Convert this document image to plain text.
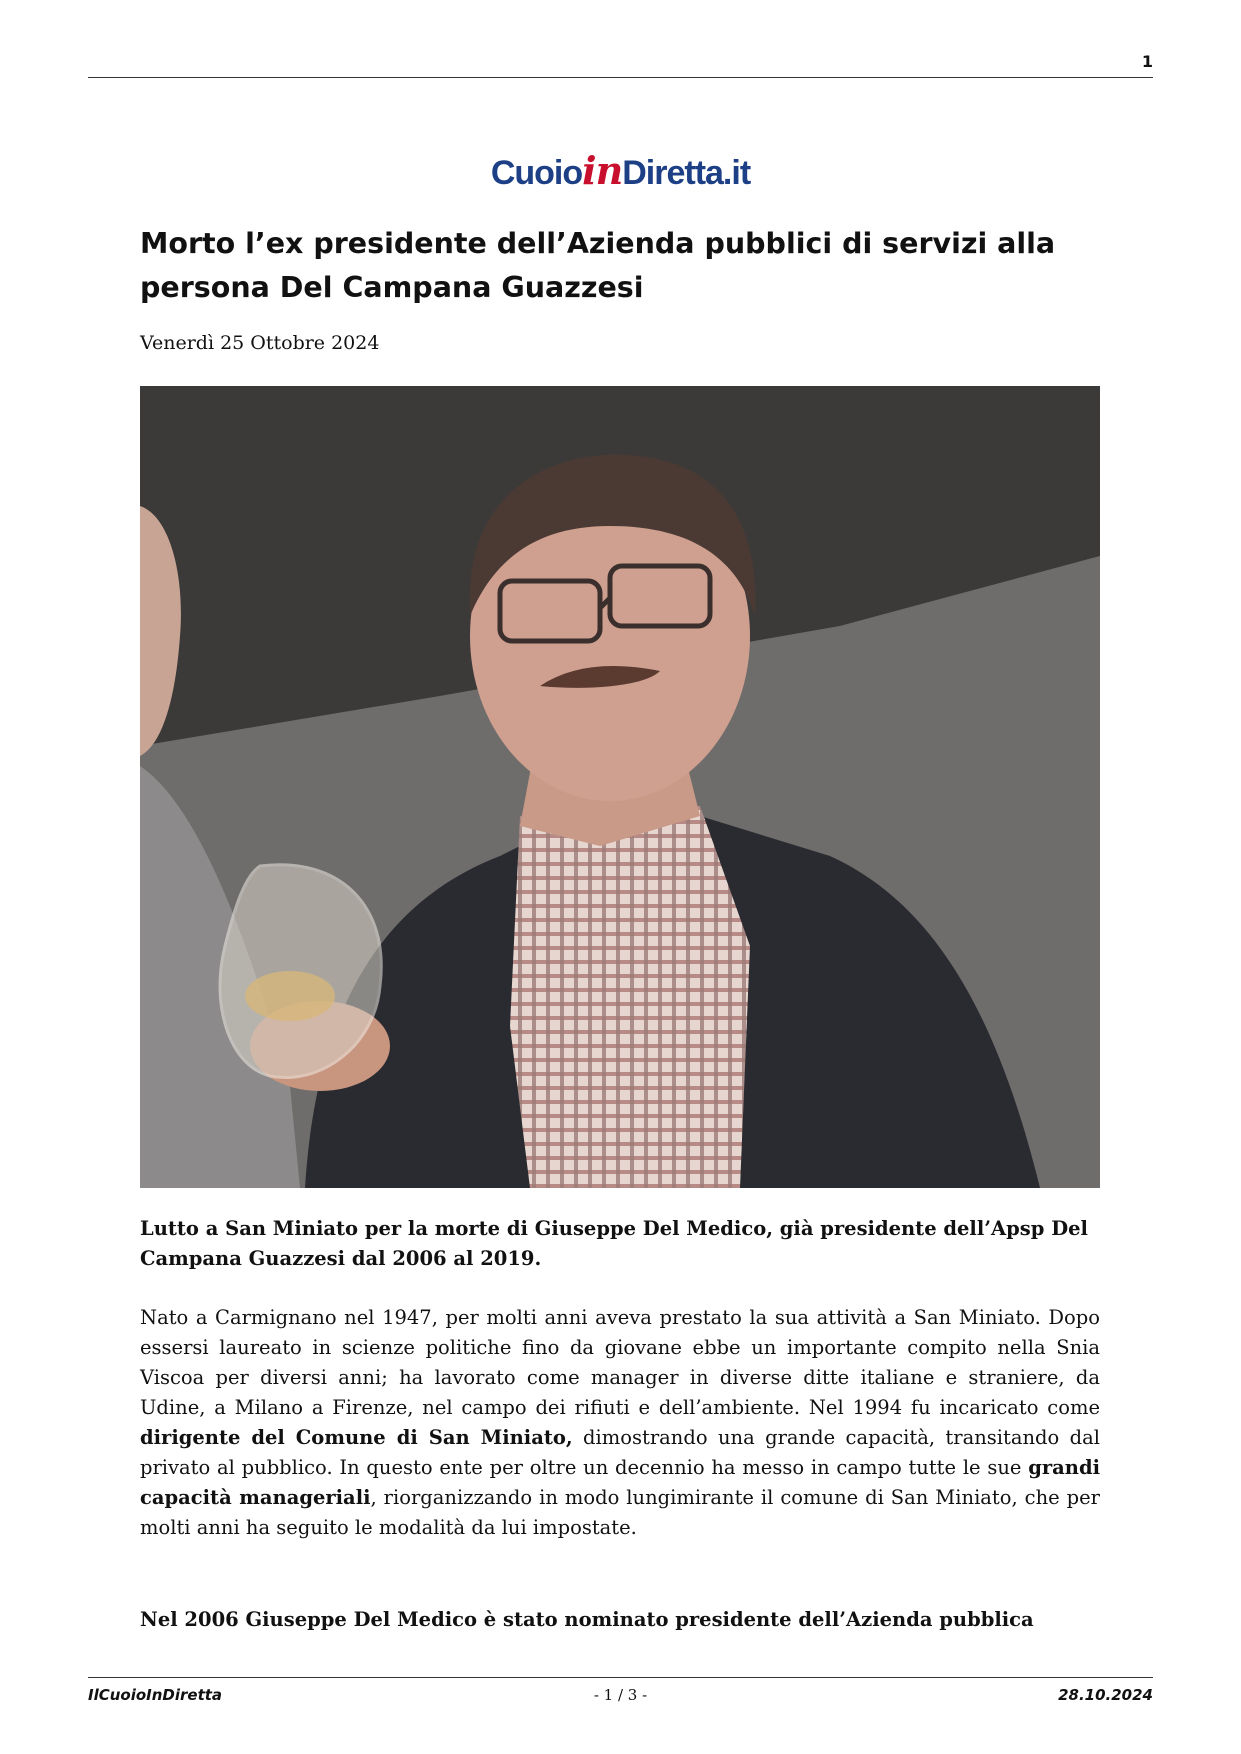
1
CuoioinDiretta.it
Morto l’ex presidente dell’Azienda pubblici di servizi alla persona Del Campana Guazzesi
Venerdì 25 Ottobre 2024

Lutto a San Miniato per la morte di Giuseppe Del Medico, già presidente dell’Apsp Del Campana Guazzesi dal 2006 al 2019.

Nato a Carmignano nel 1947, per molti anni aveva prestato la sua attività a San Miniato. Dopo essersi laureato in scienze politiche fino da giovane ebbe un importante compito nella Snia Viscoa per diversi anni; ha lavorato come manager in diverse ditte italiane e straniere, da Udine, a Milano a Firenze, nel campo dei rifiuti e dell’ambiente. Nel 1994 fu incaricato come dirigente del Comune di San Miniato, dimostrando una grande capacità, transitando dal privato al pubblico. In questo ente per oltre un decennio ha messo in campo tutte le sue grandi capacità manageriali, riorganizzando in modo lungimirante il comune di San Miniato, che per molti anni ha seguito le modalità da lui impostate.

Nel 2006 Giuseppe Del Medico è stato nominato presidente dell’Azienda pubblica

IlCuoioInDiretta	- 1 / 3 -	28.10.2024
